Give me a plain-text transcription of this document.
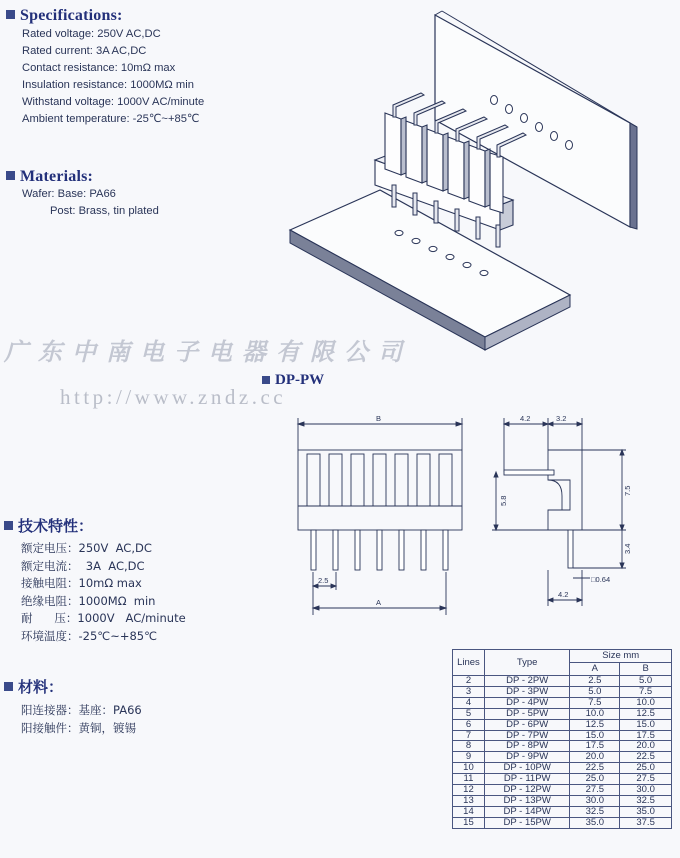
Specifications:
Rated voltage: 250V AC,DC
Rated current: 3A AC,DC
Contact resistance: 10mΩ max
Insulation resistance: 1000MΩ min
Withstand voltage: 1000V AC/minute
Ambient temperature: -25℃~+85℃
Materials:
Wafer: Base: PA66
Post: Brass, tin plated
广东中南电子电器有限公司
http://www.zndz.cc
DP-PW
B
2.5
A
4.2	3.2
5.8
7.5
3.4
□0.64
4.2
技术特性：
额定电压：250V  AC,DC
额定电流：  3A  AC,DC
接触电阻：10mΩ max
绝缘电阻：1000MΩ  min
耐      压：1000V   AC/minute
环境温度：-25℃~+85℃
材料：
阳连接器：基座：PA66
阳接触件：黄铜，镀锡
Lines	Type	Size mm	
		A	B
2	DP - 2PW	2.5	5.0
3	DP - 3PW	5.0	7.5
4	DP - 4PW	7.5	10.0
5	DP - 5PW	10.0	12.5
6	DP - 6PW	12.5	15.0
7	DP - 7PW	15.0	17.5
8	DP - 8PW	17.5	20.0
9	DP - 9PW	20.0	22.5
10	DP - 10PW	22.5	25.0
11	DP - 11PW	25.0	27.5
12	DP - 12PW	27.5	30.0
13	DP - 13PW	30.0	32.5
14	DP - 14PW	32.5	35.0
15	DP - 15PW	35.0	37.5
